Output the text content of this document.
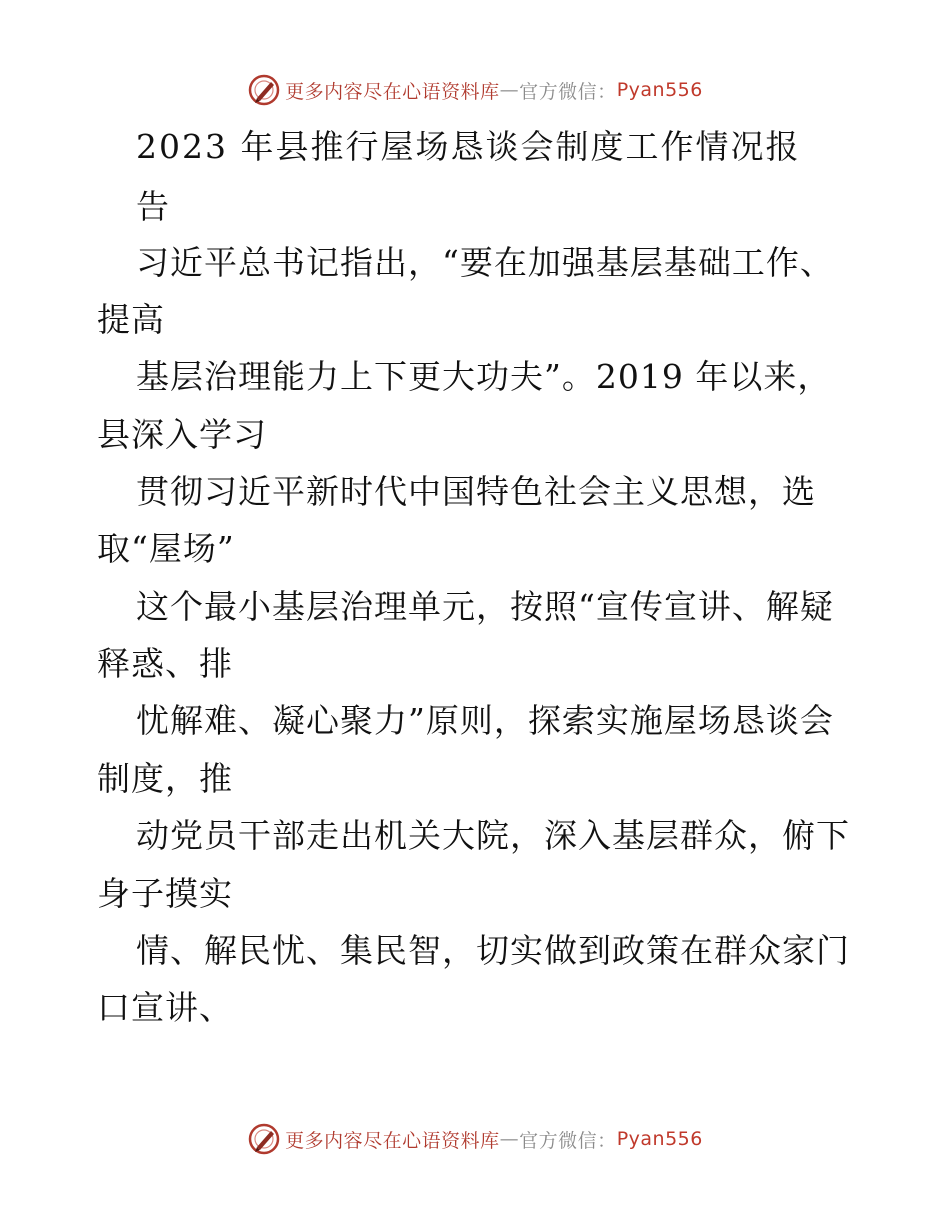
更多内容尽在心语资料库 — 官方微信： Pyan556
2023 年县推行屋场恳谈会制度工作情况报
告
习近平总书记指出，“要在加强基层基础工作、
提高
基层治理能力上下更大功夫”。2019 年以来，
县深入学习
贯彻习近平新时代中国特色社会主义思想，选
取“屋场”
这个最小基层治理单元，按照“宣传宣讲、解疑
释惑、排
忧解难、凝心聚力”原则，探索实施屋场恳谈会
制度，推
动党员干部走出机关大院，深入基层群众，俯下
身子摸实
情、解民忧、集民智，切实做到政策在群众家门
口宣讲、
更多内容尽在心语资料库 — 官方微信： Pyan556
